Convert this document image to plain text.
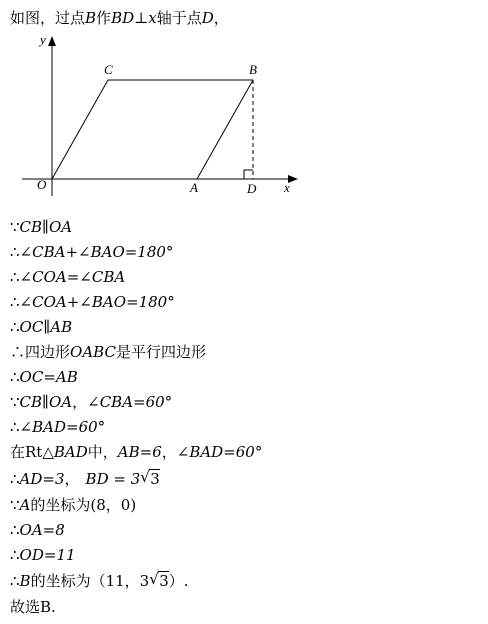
如图，过点B作BD⊥x轴于点D，
y
x
O	A
C	B
D
∵CB∥OA
∴∠CBA+∠BAO=180°
∴∠COA=∠CBA
∴∠COA+∠BAO=180°
∴OC∥AB
∴四边形OABC是平行四边形
∴OC=AB
∵CB∥OA，∠CBA=60°
∴∠BAD=60°
在Rt△BAD中，AB=6，∠BAD=60°
∴AD=3， BD = 3 √ 3
∵A的坐标为(8，0)
∴OA=8
∴OD=11
∴B的坐标为（11，3 √ 3）.
故选B.
